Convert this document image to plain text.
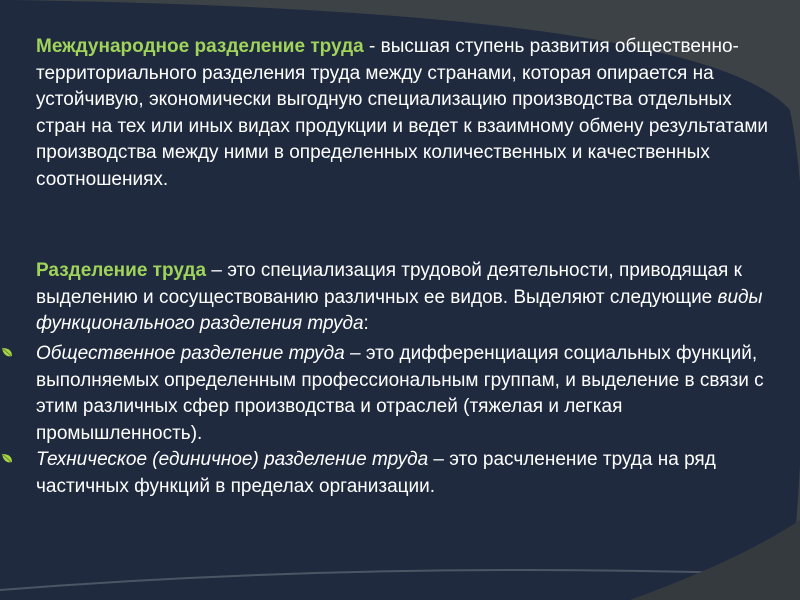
Международное разделение труда - высшая ступень развития общественно-территориального разделения труда между странами, которая опирается на устойчивую, экономически выгодную специализацию производства отдельных стран на тех или иных видах продукции и ведет к взаимному обмену результатами производства между ними в определенных количественных и качественных соотношениях.

Разделение труда – это специализация трудовой деятельности, приводящая к выделению и сосуществованию различных ее видов. Выделяют следующие виды функционального разделения труда:

Общественное разделение труда – это дифференциация социальных функций, выполняемых определенным профессиональным группам, и выделение в связи с этим различных сфер производства и отраслей (тяжелая и легкая промышленность).
Техническое (единичное) разделение труда – это расчленение труда на ряд частичных функций в пределах организации.
